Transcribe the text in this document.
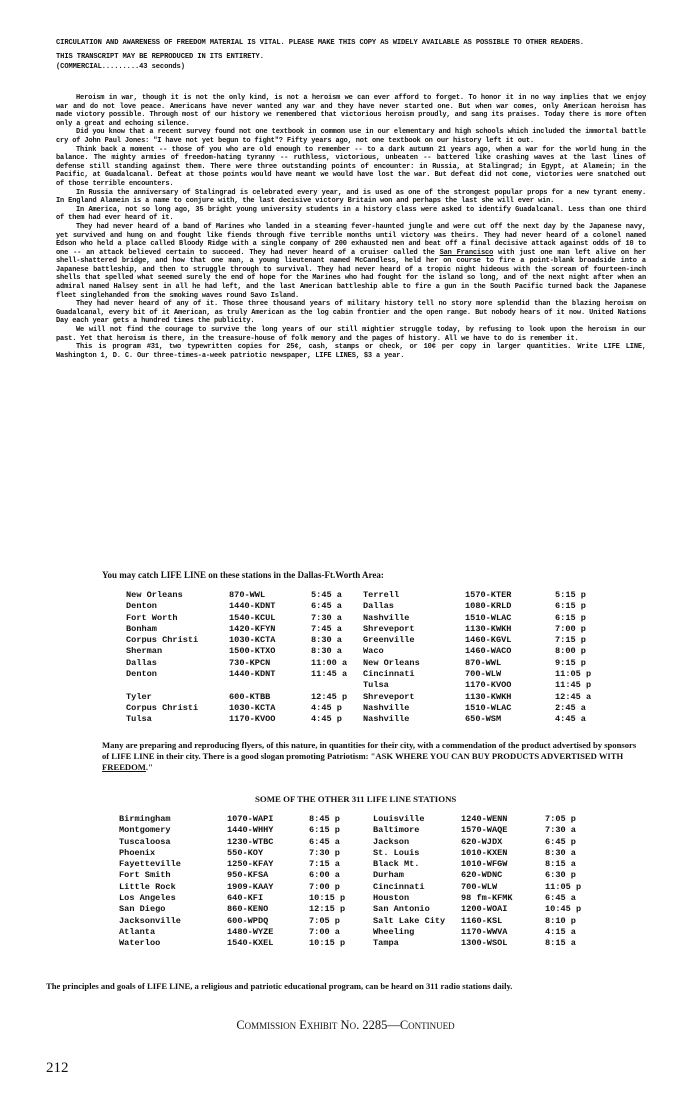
CIRCULATION AND AWARENESS OF FREEDOM MATERIAL IS VITAL. PLEASE MAKE THIS COPY AS WIDELY AVAILABLE AS POSSIBLE TO OTHER READERS.

THIS TRANSCRIPT MAY BE REPRODUCED IN ITS ENTIRETY.

(COMMERCIAL.........43 seconds)

Heroism in war, though it is not the only kind, is not a heroism we can ever afford to forget. To honor it in no way implies that we enjoy war and do not love peace. Americans have never wanted any war and they have never started one. But when war comes, only American heroism has made victory possible. Through most of our history we remembered that victorious heroism proudly, and sang its praises. Today there is more often only a great and echoing silence.

Did you know that a recent survey found not one textbook in common use in our elementary and high schools which included the immortal battle cry of John Paul Jones: "I have not yet begun to fight"? Fifty years ago, not one textbook on our history left it out.

Think back a moment -- those of you who are old enough to remember -- to a dark autumn 21 years ago, when a war for the world hung in the balance. The mighty armies of freedom-hating tyranny -- ruthless, victorious, unbeaten -- battered like crashing waves at the last lines of defense still standing against them. There were three outstanding points of encounter: in Russia, at Stalingrad; in Egypt, at Alamein; in the Pacific, at Guadalcanal. Defeat at those points would have meant we would have lost the war. But defeat did not come, victories were snatched out of those terrible encounters.

In Russia the anniversary of Stalingrad is celebrated every year, and is used as one of the strongest popular props for a new tyrant enemy. In England Alamein is a name to conjure with, the last decisive victory Britain won and perhaps the last she will ever win.

In America, not so long ago, 35 bright young university students in a history class were asked to identify Guadalcanal. Less than one third of them had ever heard of it.

They had never heard of a band of Marines who landed in a steaming fever-haunted jungle and were cut off the next day by the Japanese navy, yet survived and hung on and fought like fiends through five terrible months until victory was theirs. They had never heard of a colonel named Edson who held a place called Bloody Ridge with a single company of 200 exhausted men and beat off a final decisive attack against odds of 10 to one -- an attack believed certain to succeed. They had never heard of a cruiser called the San Francisco with just one man left alive on her shell-shattered bridge, and how that one man, a young lieutenant named McCandless, held her on course to fire a point-blank broadside into a Japanese battleship, and then to struggle through to survival. They had never heard of a tropic night hideous with the scream of fourteen-inch shells that spelled what seemed surely the end of hope for the Marines who had fought for the island so long, and of the next night after when an admiral named Halsey sent in all he had left, and the last American battleship able to fire a gun in the South Pacific turned back the Japanese fleet singlehanded from the smoking waves round Savo Island.

They had never heard of any of it. Those three thousand years of military history tell no story more splendid than the blazing heroism on Guadalcanal, every bit of it American, as truly American as the log cabin frontier and the open range. But nobody hears of it now. United Nations Day each year gets a hundred times the publicity.

We will not find the courage to survive the long years of our still mightier struggle today, by refusing to look upon the heroism in our past. Yet that heroism is there, in the treasure-house of folk memory and the pages of history. All we have to do is remember it.

This is program #31, two typewritten copies for 25¢, cash, stamps or check, or 10¢ per copy in larger quantities. Write LIFE LINE, Washington 1, D. C. Our three-times-a-week patriotic newspaper, LIFE LINES, $3 a year.

You may catch LIFE LINE on these stations in the Dallas-Ft.Worth Area:
New Orleans	870-WWL	5:45 a	Terrell	1570-KTER	5:15 p
Denton	1440-KDNT	6:45 a	Dallas	1080-KRLD	6:15 p
Fort Worth	1540-KCUL	7:30 a	Nashville	1510-WLAC	6:15 p
Bonham	1420-KFYN	7:45 a	Shreveport	1130-KWKH	7:00 p
Corpus Christi	1030-KCTA	8:30 a	Greenville	1460-KGVL	7:15 p
Sherman	1500-KTXO	8:30 a	Waco	1460-WACO	8:00 p
Dallas	730-KPCN	11:00 a	New Orleans	870-WWL	9:15 p
Denton	1440-KDNT	11:45 a	Cincinnati	700-WLW	11:05 p
			Tulsa	1170-KVOO	11:45 p
Tyler	600-KTBB	12:45 p	Shreveport	1130-KWKH	12:45 a
Corpus Christi	1030-KCTA	4:45 p	Nashville	1510-WLAC	2:45 a
Tulsa	1170-KVOO	4:45 p	Nashville	650-WSM	4:45 a
Many are preparing and reproducing flyers, of this nature, in quantities for their city, with a commendation of the product advertised by sponsors of LIFE LINE in their city. There is a good slogan promoting Patriotism: "ASK WHERE YOU CAN BUY PRODUCTS ADVERTISED WITH FREEDOM."
SOME OF THE OTHER 311 LIFE LINE STATIONS
Birmingham	1070-WAPI	8:45 p	Louisville	1240-WENN	7:05 p
Montgomery	1440-WHHY	6:15 p	Baltimore	1570-WAQE	7:30 a
Tuscaloosa	1230-WTBC	6:45 a	Jackson	620-WJDX	6:45 p
Phoenix	550-KOY	7:30 p	St. Louis	1010-KXEN	8:30 a
Fayetteville	1250-KFAY	7:15 a	Black Mt.	1010-WFGW	8:15 a
Fort Smith	950-KFSA	6:00 a	Durham	620-WDNC	6:30 p
Little Rock	1909-KAAY	7:00 p	Cincinnati	700-WLW	11:05 p
Los Angeles	640-KFI	10:15 p	Houston	98 fm-KFMK	6:45 a
San Diego	860-KENO	12:15 p	San Antonio	1200-WOAI	10:45 p
Jacksonville	600-WPDQ	7:05 p	Salt Lake City	1160-KSL	8:10 p
Atlanta	1480-WYZE	7:00 a	Wheeling	1170-WWVA	4:15 a
Waterloo	1540-KXEL	10:15 p	Tampa	1300-WSOL	8:15 a
The principles and goals of LIFE LINE, a religious and patriotic educational program, can be heard on 311 radio stations daily.
Commission Exhibit No. 2285—Continued
212
